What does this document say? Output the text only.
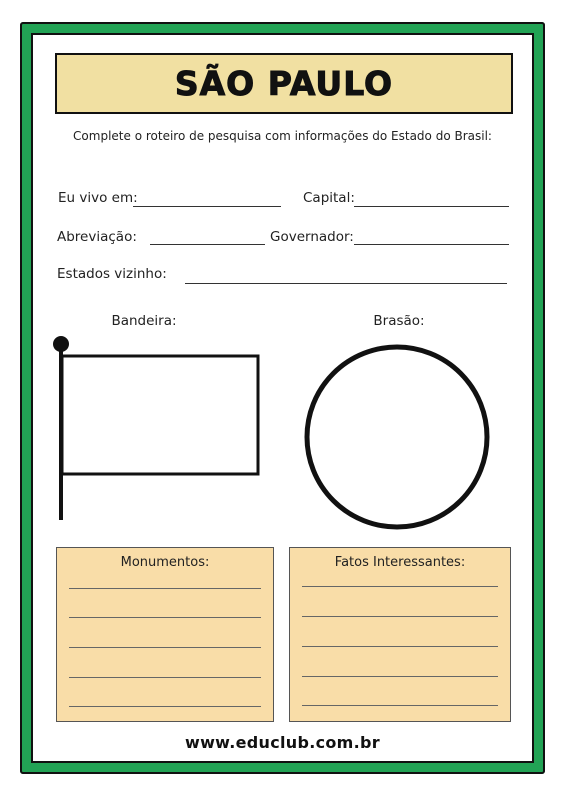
SÃO PAULO
Complete o roteiro de pesquisa com informações do Estado do Brasil:
Eu vivo em:	Capital:
Abreviação:	Governador:
Estados vizinho:
Bandeira:	Brasão:
Monumentos:	Fatos Interessantes:
www.educlub.com.br
